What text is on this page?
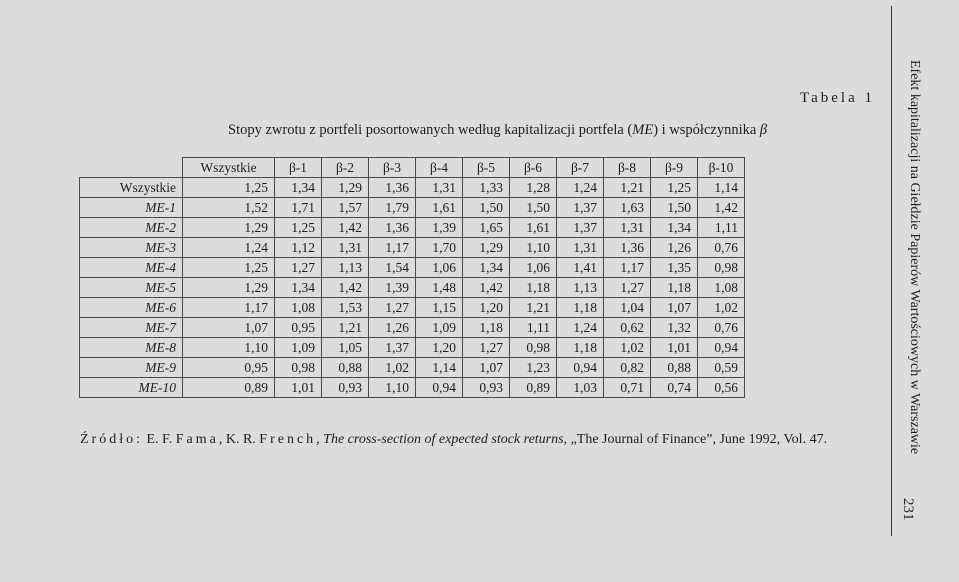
Tabela 1
Stopy zwrotu z portfeli posortowanych według kapitalizacji portfela (ME) i współczynnika β
	Wszystkie	β-1	β-2	β-3	β-4	β-5	β-6	β-7	β-8	β-9	β-10
Wszystkie	1,25	1,34	1,29	1,36	1,31	1,33	1,28	1,24	1,21	1,25	1,14
ME-1	1,52	1,71	1,57	1,79	1,61	1,50	1,50	1,37	1,63	1,50	1,42
ME-2	1,29	1,25	1,42	1,36	1,39	1,65	1,61	1,37	1,31	1,34	1,11
ME-3	1,24	1,12	1,31	1,17	1,70	1,29	1,10	1,31	1,36	1,26	0,76
ME-4	1,25	1,27	1,13	1,54	1,06	1,34	1,06	1,41	1,17	1,35	0,98
ME-5	1,29	1,34	1,42	1,39	1,48	1,42	1,18	1,13	1,27	1,18	1,08
ME-6	1,17	1,08	1,53	1,27	1,15	1,20	1,21	1,18	1,04	1,07	1,02
ME-7	1,07	0,95	1,21	1,26	1,09	1,18	1,11	1,24	0,62	1,32	0,76
ME-8	1,10	1,09	1,05	1,37	1,20	1,27	0,98	1,18	1,02	1,01	0,94
ME-9	0,95	0,98	0,88	1,02	1,14	1,07	1,23	0,94	0,82	0,88	0,59
ME-10	0,89	1,01	0,93	1,10	0,94	0,93	0,89	1,03	0,71	0,74	0,56
Źródło: E. F. Fama, K. R. French, The cross-section of expected stock returns, „The Journal of Finance”, June 1992, Vol. 47.	Efekt kapitalizacji na Giełdzie Papierów Wartościowych w Warszawie
231
